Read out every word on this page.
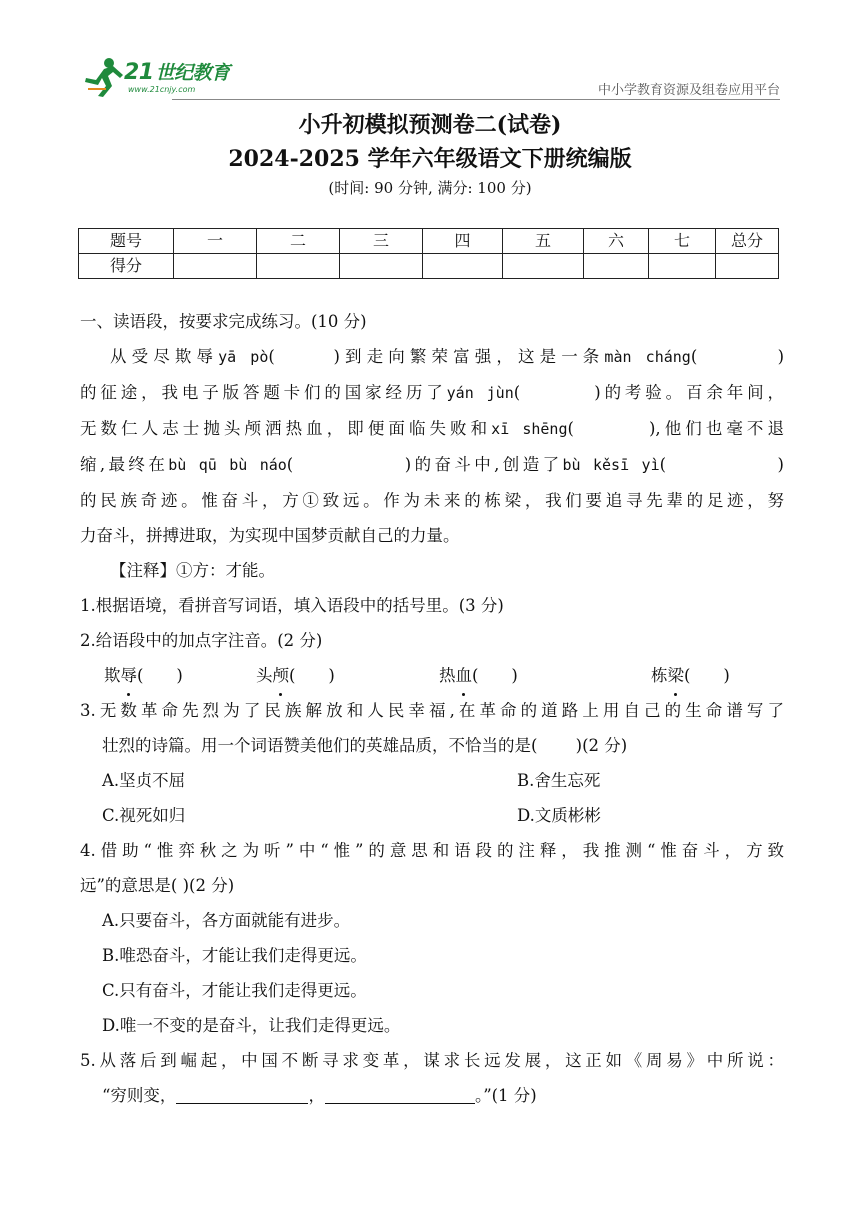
21 世纪教育
www.21cnjy.com	中小学教育资源及组卷应用平台
小升初模拟预测卷二(试卷)
2024-2025 学年六年级语文下册统编版
(时间: 90 分钟, 满分: 100 分)
题号	一	二	三	四	五	六	七	总分
得分								
一、读语段，按要求完成练习。(10 分)
从受尽欺辱yā pò(　　 )到走向繁荣富强，这是一条màn cháng(　　 　)
的征途，我电子版答题卡们的国家经历了yán jùn(　　 　)的考验。百余年间，
无数仁人志士抛头颅洒热血，即便面临失败和xī shēng(　　 　),他们也毫不退
缩,最终在bù qū bù náo(　　　 　　)的奋斗中,创造了bù kěsī yì(　　　 　　)
的民族奇迹。惟奋斗，方①致远。作为未来的栋梁，我们要追寻先辈的足迹，努
力奋斗，拼搏进取，为实现中国梦贡献自己的力量。
【注释】①方：才能。
1.根据语境，看拼音写词语，填入语段中的括号里。(3 分)
2.给语段中的加点字注音。(2 分)
欺辱(　　)	头颅(　　)	热血(　　)	栋梁(　　)
3.无数革命先烈为了民族解放和人民幸福,在革命的道路上用自己的生命谱写了
壮烈的诗篇。用一个词语赞美他们的英雄品质，不恰当的是(　　 )(2 分)
A.坚贞不屈	B.舍生忘死
C.视死如归	D.文质彬彬
4.借助“惟弈秋之为听”中“惟”的意思和语段的注释，我推测“惟奋斗，方致
远”的意思是( )(2 分)
A.只要奋斗，各方面就能有进步。
B.唯恐奋斗，才能让我们走得更远。
C.只有奋斗，才能让我们走得更远。
D.唯一不变的是奋斗，让我们走得更远。
5.从落后到崛起，中国不断寻求变革，谋求长远发展，这正如《周易》中所说：
“穷则变，	，	。”(1 分)
